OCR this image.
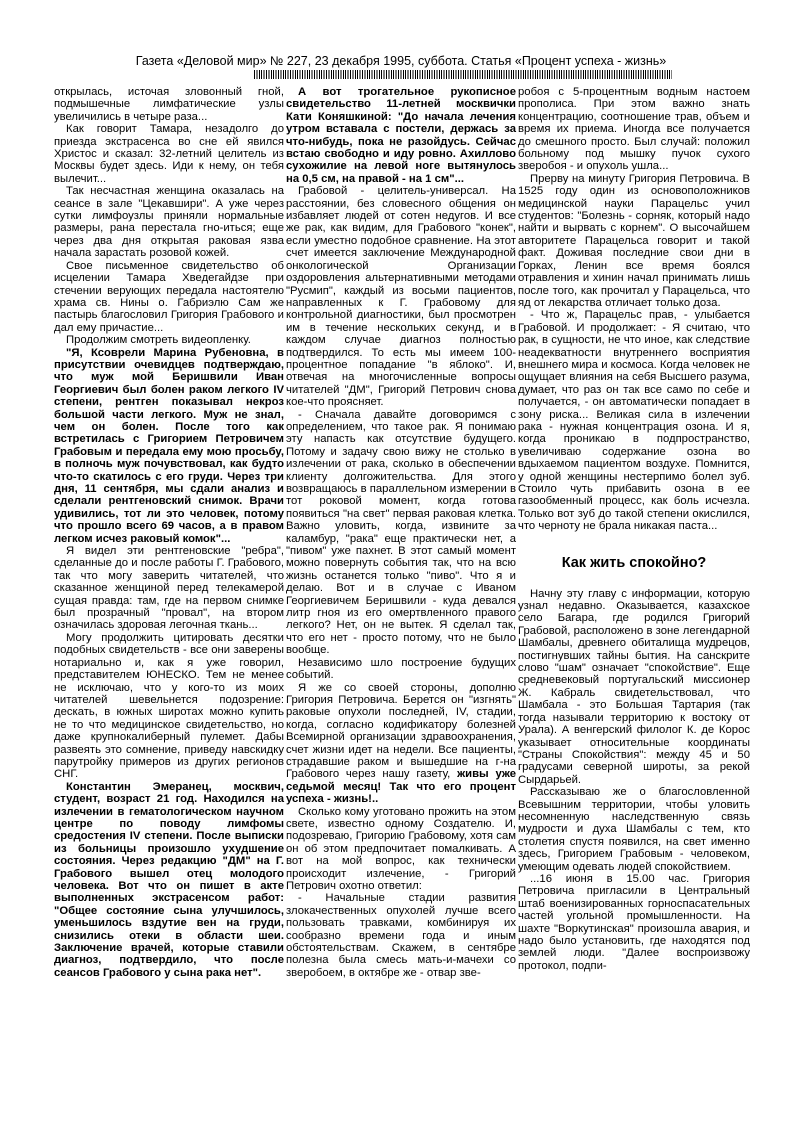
Газета «Деловой мир» № 227, 23 декабря 1995, суббота. Статья «Процент успеха - жизнь»

открылась, источая зловонный гной, подмышечные лимфатические узлы увеличились в четыре раза...

Как говорит Тамара, незадолго до приезда экстрасенса во сне ей явился Христос и сказал: 32-летний целитель из Москвы будет здесь. Иди к нему, он тебя вылечит...

Так несчастная женщина оказалась на сеансе в зале "Цекавшири". А уже через сутки лимфоузлы приняли нормальные размеры, рана перестала гно-иться; еще через два дня открытая раковая язва начала зарастать розовой кожей.

Свое письменное свидетельство об исцелении Тамара Хведегайдзе при стечении верующих передала настоятелю храма св. Нины о. Габриэлю Сам же пастырь благословил Григория Грабового и дал ему причастие...

Продолжим смотреть видеопленку.

"Я, Ксоврели Марина Рубеновна, в присутствии очевидцев подтверждаю, что муж мой Беришвили Иван Георгиевич был болен раком легкого IV степени, рентген показывал некроз большой части легкого. Муж не знал, чем он болен. После того как встретилась с Григорием Петровичем Грабовым и передала ему мою просьбу, в полночь муж почувствовал, как будто что-то скатилось с его груди. Через три дня, 11 сентября, мы сдали анализ и сделали рентгеновский снимок. Врачи удивились, тот ли это человек, потому что прошло всего 69 часов, а в правом легком исчез раковый комок"...

Я видел эти рентгеновские "ребра", сделанные до и после работы Г. Грабового, так что могу заверить читателей, что сказанное женщиной перед телекамерой сущая правда: там, где на первом снимке был прозрачный "провал", на втором означилась здоровая легочная ткань...

Могу продолжить цитировать десятки подобных свидетельств - все они заверены нотариально и, как я уже говорил, представителем ЮНЕСКО. Тем не менее не исключаю, что у кого-то из моих читателей шевельнется подозрение: дескать, в южных широтах можно купить не то что медицинское свидетельство, но даже крупнокалиберный пулемет. Дабы развеять это сомнение, приведу навскидку парутройку примеров из других регионов СНГ.

Константин Эмеранец, москвич, студент, возраст 21 год. Находился на излечении в гематологическом научном центре по поводу лимфомы средостения IV степени. После выписки из больницы произошло ухудшение состояния. Через редакцию "ДМ" на Г. Грабового вышел отец молодого человека. Вот что он пишет в акте выполненных экстрасенсом работ: "Общее состояние сына улучшилось, уменьшилось вздутие вен на груди, снизились отеки в области шеи. Заключение врачей, которые ставили диагноз, подтвердило, что после сеансов Грабового у сына рака нет".

А вот трогательное рукописное свидетельство 11-летней москвички Кати Коняшкиной: "До начала лечения утром вставала с постели, держась за что-нибудь, пока не разойдусь. Сейчас встаю свободно и иду ровно. Ахиллово сухожилие на левой ноге вытянулось на 0,5 см, на правой - на 1 см"...

Грабовой - целитель-универсал. На расстоянии, без словесного общения он избавляет людей от сотен недугов. И все же рак, как видим, для Грабового "конек", если уместно подобное сравнение. На этот счет имеется заключение Международной онкологической Организации оздоровления альтернативными методами "Русмип", каждый из восьми пациентов, направленных к Г. Грабовому для контрольной диагностики, был просмотрен им в течение нескольких секунд, и в каждом случае диагноз полностью подтвердился. То есть мы имеем 100-процентное попадание "в яблоко". И, отвечая на многочисленные вопросы читателей "ДМ", Григорий Петрович снова кое-что проясняет.

- Сначала давайте договоримся с определением, что такое рак. Я понимаю эту напасть как отсутствие будущего. Потому и задачу свою вижу не столько в излечении от рака, сколько в обеспечении клиенту долгожительства. Для этого возвращаюсь в параллельном измерении в тот роковой момент, когда готова появиться "на свет" первая раковая клетка. Важно уловить, когда, извините за каламбур, "рака" еще практически нет, а "пивом" уже пахнет. В этот самый момент можно повернуть события так, что на всю жизнь останется только "пиво". Что я и делаю. Вот и в случае с Иваном Георгиевичем Беришвили - куда девался литр гноя из его омертвленного правого легкого? Нет, он не вытек. Я сделал так, что его нет - просто потому, что не было вообще.

Независимо шло построение будущих событий.

Я же со своей стороны, дополню Григория Петровича. Берется он "изгнять" раковые опухоли последней, IV, стадии, когда, согласно кодификатору болезней Всемирной организации здравоохранения, счет жизни идет на недели. Все пациенты, страдавшие раком и вышедшие на г-на Грабового через нашу газету, живы уже седьмой месяц! Так что его процент успеха - жизнь!..

Сколько кому уготовано прожить на этом свете, известно одному Создателю. И, подозреваю, Григорию Грабовому, хотя сам он об этом предпочитает помалкивать. А вот на мой вопрос, как технически происходит излечение, - Григорий Петрович охотно ответил:

- Начальные стадии развития злокачественных опухолей лучше всего пользовать травками, комбинируя их сообразно времени года и иным обстоятельствам. Скажем, в сентябре полезна была смесь мать-и-мачехи со зверобоем, в октябре же - отвар зве-

робоя с 5-процентным водным настоем прополиса. При этом важно знать концентрацию, соотношение трав, объем и время их приема. Иногда все получается до смешного просто. Был случай: положил больному под мышку пучок сухого зверобоя - и опухоль ушла...

Прерву на минуту Григория Петровича. В 1525 году один из основоположников медицинской науки Парацельс учил студентов: "Болезнь - сорняк, который надо найти и вырвать с корнем". О высочайшем авторитете Парацельса говорит и такой факт. Доживая последние свои дни в Горках, Ленин все время боялся отравления и хинин начал принимать лишь после того, как прочитал у Парацельса, что яд от лекарства отличает только доза.

- Что ж, Парацельс прав, - улыбается Грабовой. И продолжает: - Я считаю, что рак, в сущности, не что иное, как следствие неадекватности внутреннего восприятия внешнего мира и космоса. Когда человек не ощущает влияния на себя Высшего разума, думает, что раз он так все само по себе и получается, - он автоматически попадает в зону риска... Великая сила в излечении рака - нужная концентрация озона. И я, когда проникаю в подпространство, увеличиваю содержание озона во вдыхаемом пациентом воздухе. Помнится, у одной женщины нестерпимо болел зуб. Стоило чуть прибавить озона в ее газообменный процесс, как боль исчезла. Только вот зуб до такой степени окислился, что черноту не брала никакая паста...

Как жить спокойно?

Начну эту главу с информации, которую узнал недавно. Оказывается, казахское село Багара, где родился Григорий Грабовой, расположено в зоне легендарной Шамбалы, древнего обиталища мудрецов, постигнувших тайны бытия. На санскрите слово "шам" означает "спокойствие". Еще средневековый португальский миссионер Ж. Кабраль свидетельствовал, что Шамбала - это Большая Тартария (так тогда называли территорию к востоку от Урала). А венгерский филолог К. де Корос указывает относительные координаты "Страны Спокойствия": между 45 и 50 градусами северной широты, за рекой Сырдарьей.

Рассказываю же о благословленной Всевышним территории, чтобы уловить несомненную наследственную связь мудрости и духа Шамбалы с тем, кто столетия спустя появился, на свет именно здесь, Григорием Грабовым - человеком, умеющим одевать людей спокойствием.

...16 июня в 15.00 час. Григория Петровича пригласили в Центральный штаб военизированных горноспасательных частей угольной промышленности. На шахте "Воркутинская" произошла авария, и надо было установить, где находятся под землей люди. "Далее воспроизвожу протокол, подпи-
